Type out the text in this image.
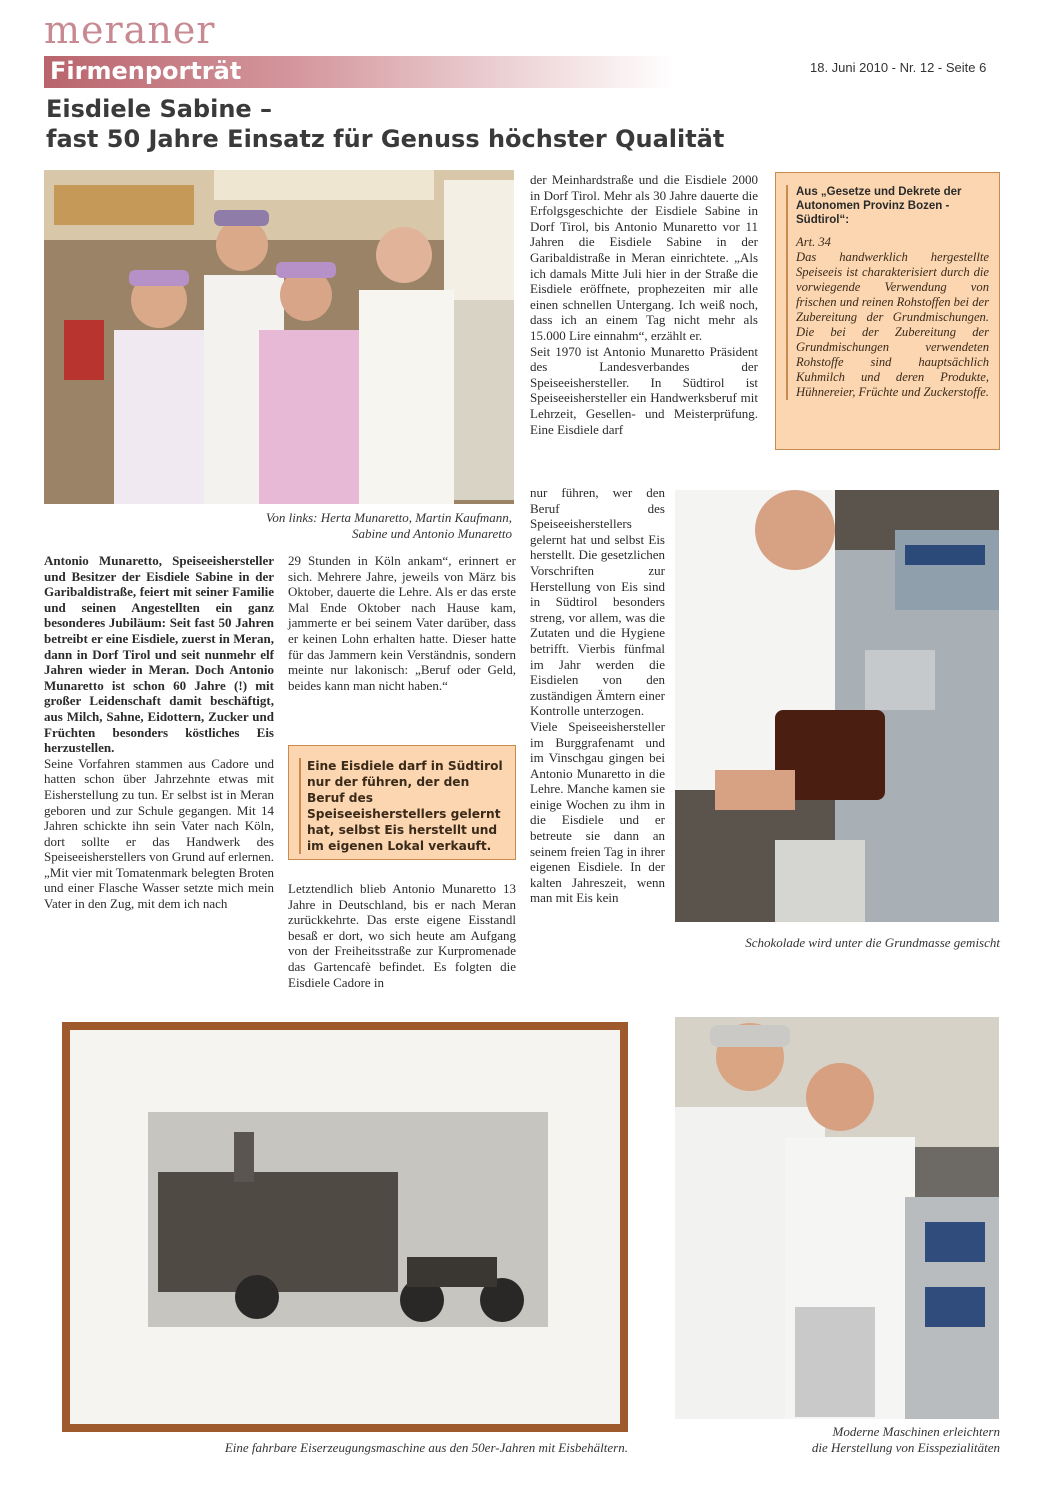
meraner
Firmenporträt	18. Juni 2010 - Nr. 12 - Seite 6
Eisdiele Sabine –
fast 50 Jahre Einsatz für Genuss höchster Qualität
Von links: Herta Munaretto, Martin Kaufmann,
Sabine und Antonio Munaretto

Antonio Munaretto, Speiseeishersteller und Besitzer der Eisdiele Sabine in der Garibaldistraße, feiert mit seiner Familie und seinen Angestellten ein ganz besonderes Jubiläum: Seit fast 50 Jahren betreibt er eine Eisdiele, zuerst in Meran, dann in Dorf Tirol und seit nunmehr elf Jahren wieder in Meran. Doch Antonio Munaretto ist schon 60 Jahre (!) mit großer Leidenschaft damit beschäftigt, aus Milch, Sahne, Eidottern, Zucker und Früchten besonders köstliches Eis herzustellen.

Seine Vorfahren stammen aus Cadore und hatten schon über Jahrzehnte etwas mit Eisherstellung zu tun. Er selbst ist in Meran geboren und zur Schule gegangen. Mit 14 Jahren schickte ihn sein Vater nach Köln, dort sollte er das Handwerk des Speiseeisherstellers von Grund auf erlernen. „Mit vier mit Tomatenmark belegten Broten und einer Flasche Wasser setzte mich mein Vater in den Zug, mit dem ich nach

29 Stunden in Köln ankam“, erinnert er sich. Mehrere Jahre, jeweils von März bis Oktober, dauerte die Lehre. Als er das erste Mal Ende Oktober nach Hause kam, jammerte er bei seinem Vater darüber, dass er keinen Lohn erhalten hatte. Dieser hatte für das Jammern kein Verständnis, sondern meinte nur lakonisch: „Beruf oder Geld, beides kann man nicht haben.“

Eine Eisdiele darf in Südtirol nur der führen, der den Beruf des Speiseeisherstellers gelernt hat, selbst Eis herstellt und im eigenen Lokal verkauft.

Letztendlich blieb Antonio Munaretto 13 Jahre in Deutschland, bis er nach Meran zurückkehrte. Das erste eigene Eisstandl besaß er dort, wo sich heute am Aufgang von der Freiheitsstraße zur Kurpromenade das Gartencafè befindet. Es folgten die Eisdiele Cadore in

der Meinhardstraße und die Eisdiele 2000 in Dorf Tirol. Mehr als 30 Jahre dauerte die Erfolgsgeschichte der Eisdiele Sabine in Dorf Tirol, bis Antonio Munaretto vor 11 Jahren die Eisdiele Sabine in der Garibaldistraße in Meran einrichtete. „Als ich damals Mitte Juli hier in der Straße die Eisdiele eröffnete, prophezeiten mir alle einen schnellen Untergang. Ich weiß noch, dass ich an einem Tag nicht mehr als 15.000 Lire einnahm“, erzählt er.

Seit 1970 ist Antonio Munaretto Präsident des Landesverbandes der Speiseeishersteller. In Südtirol ist Speiseeishersteller ein Handwerksberuf mit Lehrzeit, Gesellen- und Meisterprüfung. Eine Eisdiele darf

nur führen, wer den Beruf des Speiseeisherstellers gelernt hat und selbst Eis herstellt. Die gesetzlichen Vorschriften zur Herstellung von Eis sind in Südtirol besonders streng, vor allem, was die Zutaten und die Hygiene betrifft. Vierbis fünfmal im Jahr werden die Eisdielen von den zuständigen Ämtern einer Kontrolle unterzogen.

Viele Speiseeishersteller im Burggrafenamt und im Vinschgau gingen bei Antonio Munaretto in die Lehre. Manche kamen sie einige Wochen zu ihm in die Eisdiele und er betreute sie dann an seinem freien Tag in ihrer eigenen Eisdiele. In der kalten Jahreszeit, wenn man mit Eis kein

Aus „Gesetze und Dekrete der Autonomen Provinz Bozen - Südtirol“:
Art. 34
Das handwerklich hergestellte Speiseeis ist charakterisiert durch die vorwiegende Verwendung von frischen und reinen Rohstoffen bei der Zubereitung der Grundmischungen. Die bei der Zubereitung der Grundmischungen verwendeten Rohstoffe sind hauptsächlich Kuhmilch und deren Produkte, Hühnereier, Früchte und Zuckerstoffe.
Schokolade wird unter die Grundmasse gemischt
Eine fahrbare Eiserzeugungsmaschine aus den 50er-Jahren mit Eisbehältern.
Moderne Maschinen erleichtern
die Herstellung von Eisspezialitäten
